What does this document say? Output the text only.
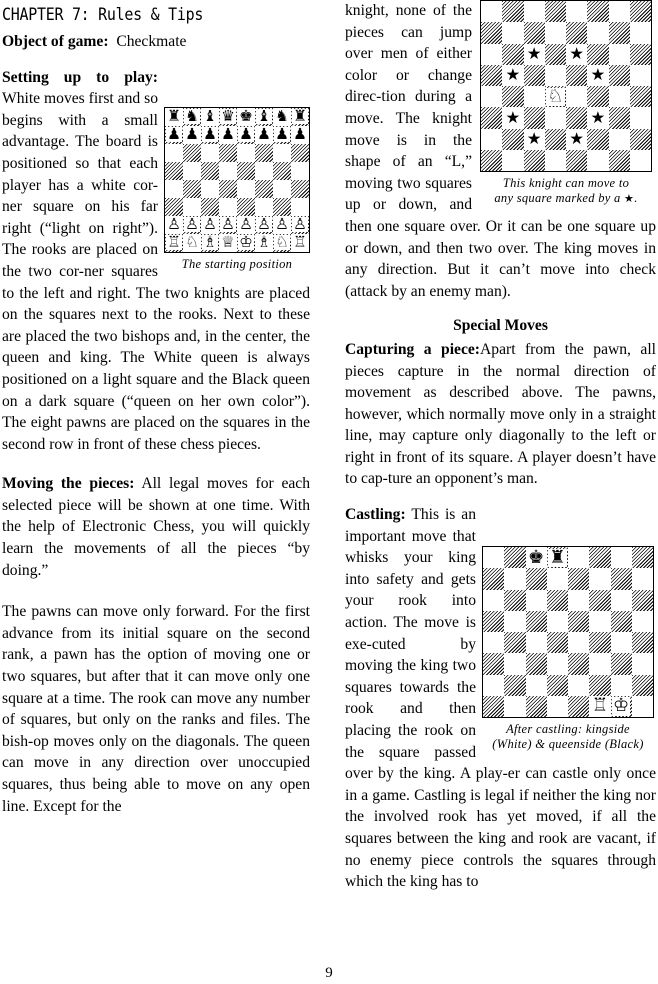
CHAPTER 7: Rules & Tips

Object of game: Checkmate

♜ ♞ ♝ ♛ ♚ ♝ ♞ ♜
♟ ♟ ♟ ♟ ♟ ♟ ♟ ♟
♙ ♙ ♙ ♙ ♙ ♙ ♙ ♙
♖ ♘ ♗ ♕ ♔ ♗ ♘ ♖
The starting position
Setting up to play: White moves first and so begins with a small advantage. The board is positioned so that each player has a white cor-ner square on his far right (“light on right”). The rooks are placed on the two cor-ner squares to the left and right. The two knights are placed on the squares next to the rooks. Next to these are placed the two bishops and, in the center, the queen and king. The White queen is always positioned on a light square and the Black queen on a dark square (“queen on her own color”). The eight pawns are placed on the squares in the second row in front of these chess pieces.

Moving the pieces: All legal moves for each selected piece will be shown at one time. With the help of Electronic Chess, you will quickly learn the movements of all the pieces “by doing.”

The pawns can move only forward. For the first advance from its initial square on the second rank, a pawn has the option of moving one or two squares, but after that it can move only one square at a time. The rook can move any number of squares, but only on the ranks and files. The bish-op moves only on the diagonals. The queen can move in any direction over unoccupied squares, thus being able to move on any open line. Except for the

★ ★
★	★
♘
★	★
★ ★
This knight can move to
any square marked by a ★.
knight, none of the pieces can jump over men of either color or change direc-tion during a move. The knight move is in the shape of an “L,” moving two squares up or down, and then one square over. Or it can be one square up or down, and then two over. The king moves in any direction. But it can’t move into check (attack by an enemy man).

Special Moves

Capturing a piece:Apart from the pawn, all pieces capture in the normal direction of movement as described above. The pawns, however, which normally move only in a straight line, may capture only diagonally to the left or right in front of its square. A player doesn’t have to cap-ture an opponent’s man.

♚ ♜
♖ ♔
After castling: kingside
(White) & queenside (Black)
Castling: This is an important move that whisks your king into safety and gets your rook into action. The move is exe-cuted by moving the king two squares towards the rook and then placing the rook on the square passed over by the king. A play-er can castle only once in a game. Castling is legal if neither the king nor the involved rook has yet moved, if all the squares between the king and rook are vacant, if no enemy piece controls the squares through which the king has to

9
